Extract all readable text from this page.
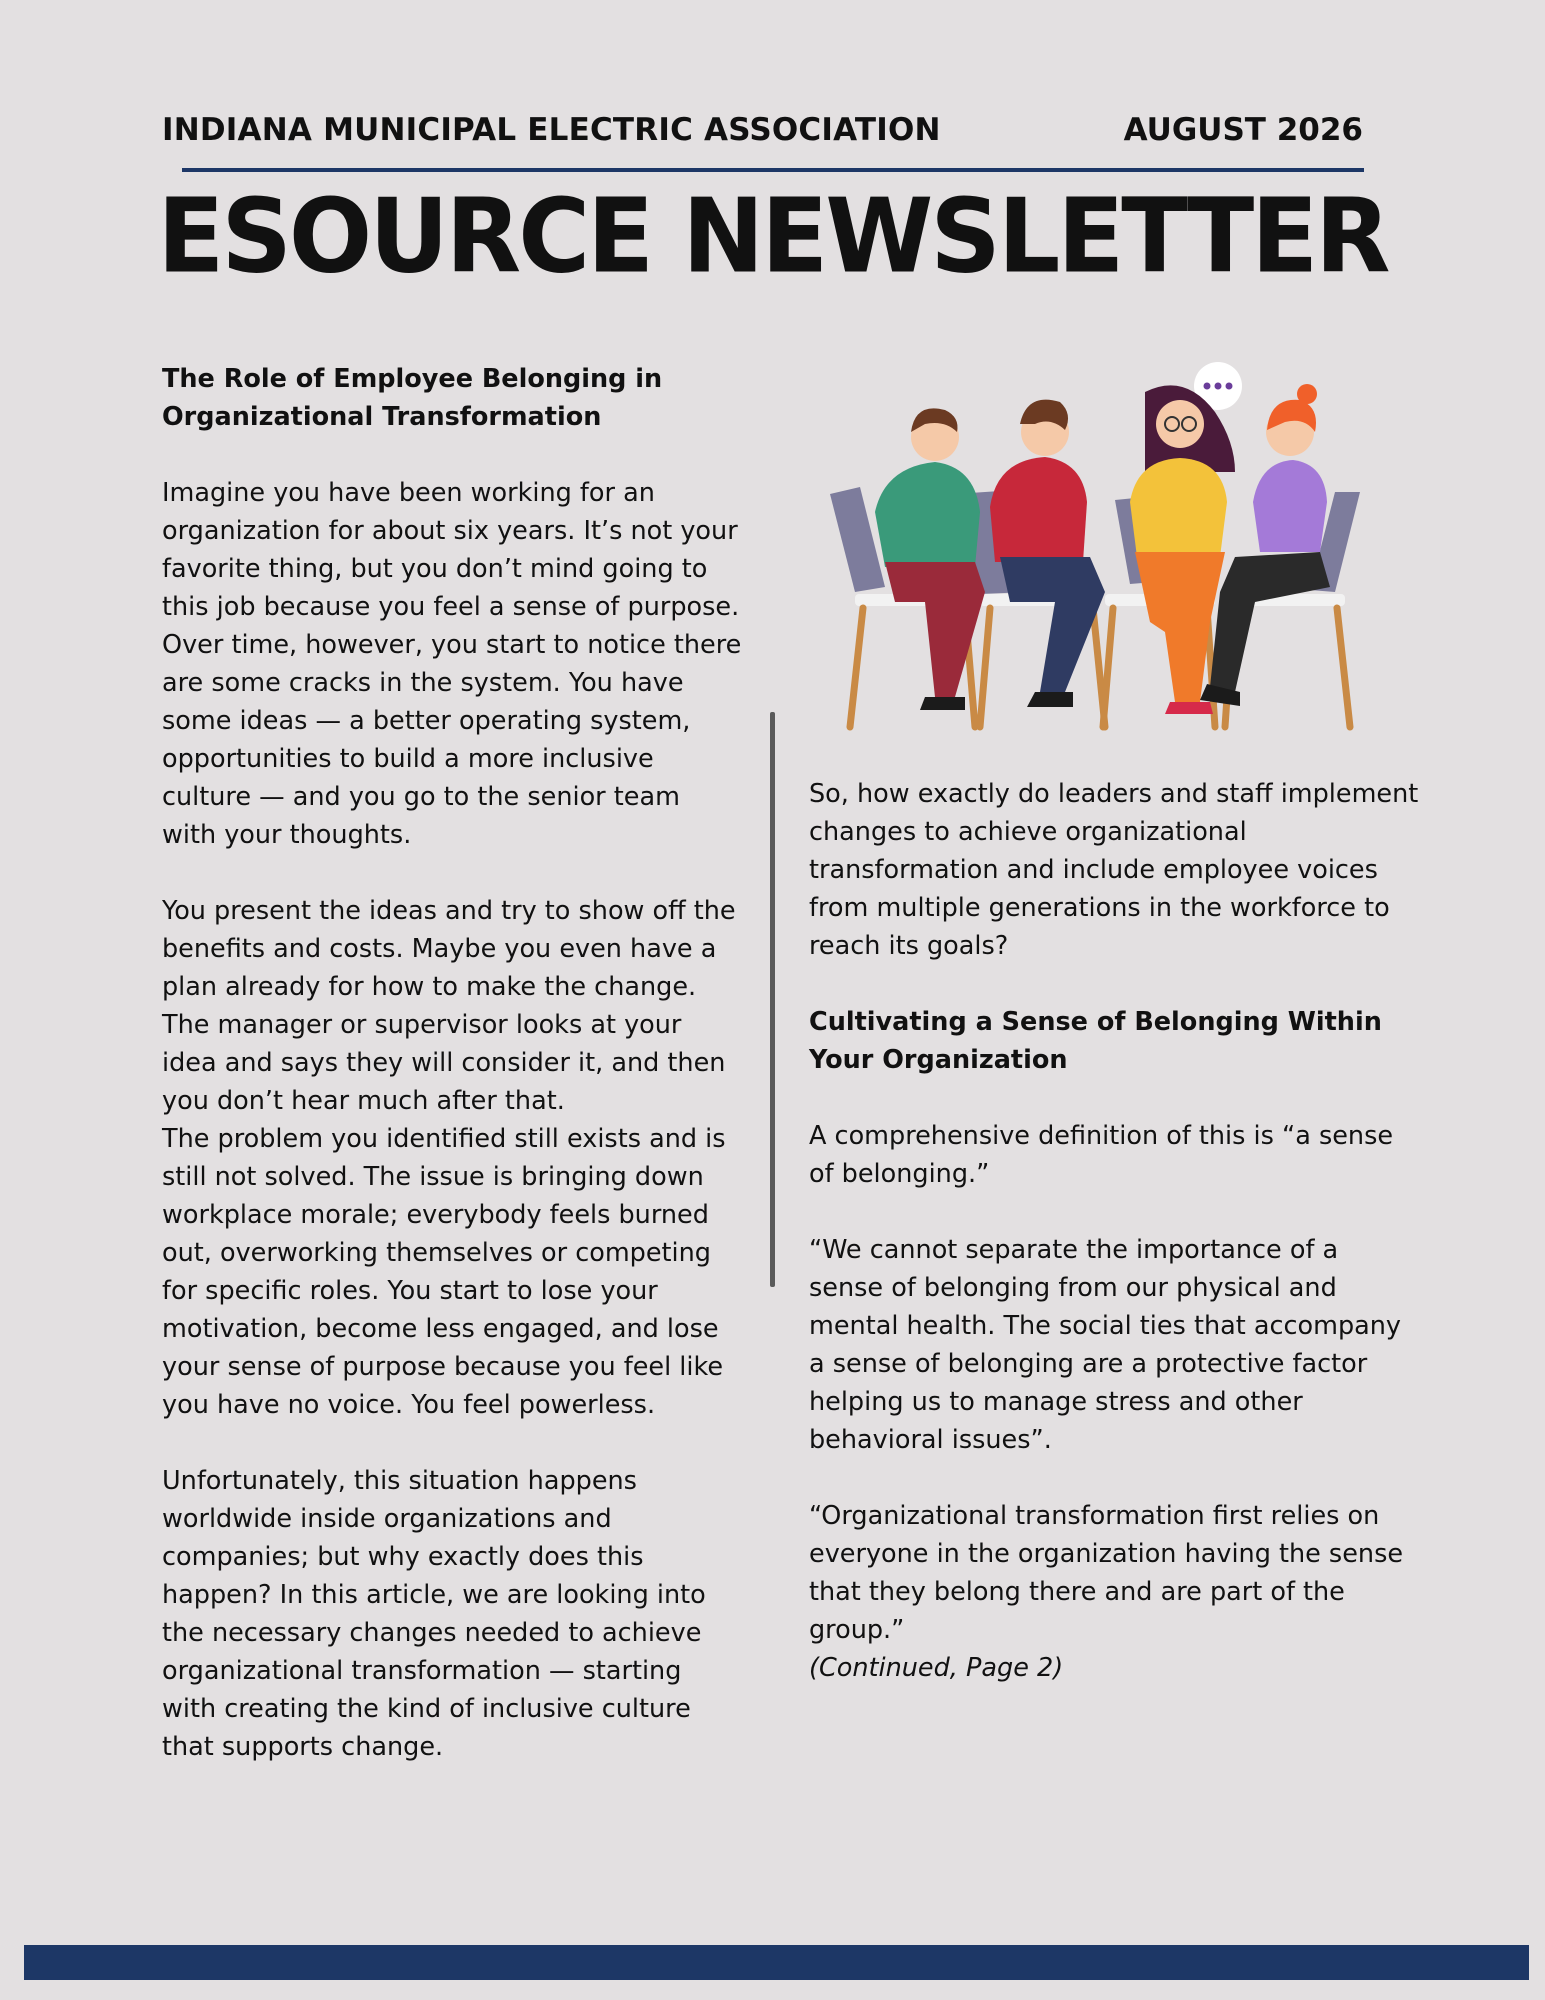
INDIANA MUNICIPAL ELECTRIC ASSOCIATION	AUGUST 2026
ESOURCE NEWSLETTER

The Role of Employee Belonging in
Organizational Transformation

Imagine you have been working for an organization for about six years. It’s not your favorite thing, but you don’t mind going to this job because you feel a sense of purpose. Over time, however, you start to notice there are some cracks in the system. You have some ideas — a better operating system, opportunities to build a more inclusive culture — and you go to the senior team with your thoughts.

You present the ideas and try to show off the benefits and costs. Maybe you even have a plan already for how to make the change. The manager or supervisor looks at your idea and says they will consider it, and then you don’t hear much after that.

The problem you identified still exists and is still not solved. The issue is bringing down workplace morale; everybody feels burned out, overworking themselves or competing for specific roles. You start to lose your motivation, become less engaged, and lose your sense of purpose because you feel like you have no voice. You feel powerless.

Unfortunately, this situation happens worldwide inside organizations and companies; but why exactly does this happen? In this article, we are looking into the necessary changes needed to achieve organizational transformation — starting with creating the kind of inclusive culture that supports change.

So, how exactly do leaders and staff implement changes to achieve organizational transformation and include employee voices from multiple generations in the workforce to reach its goals?

Cultivating a Sense of Belonging Within
Your Organization

A comprehensive definition of this is “a sense of belonging.”

“We cannot separate the importance of a sense of belonging from our physical and mental health. The social ties that accompany a sense of belonging are a protective factor helping us to manage stress and other behavioral issues”.

“Organizational transformation first relies on everyone in the organization having the sense that they belong there and are part of the group.”

(Continued, Page 2)
